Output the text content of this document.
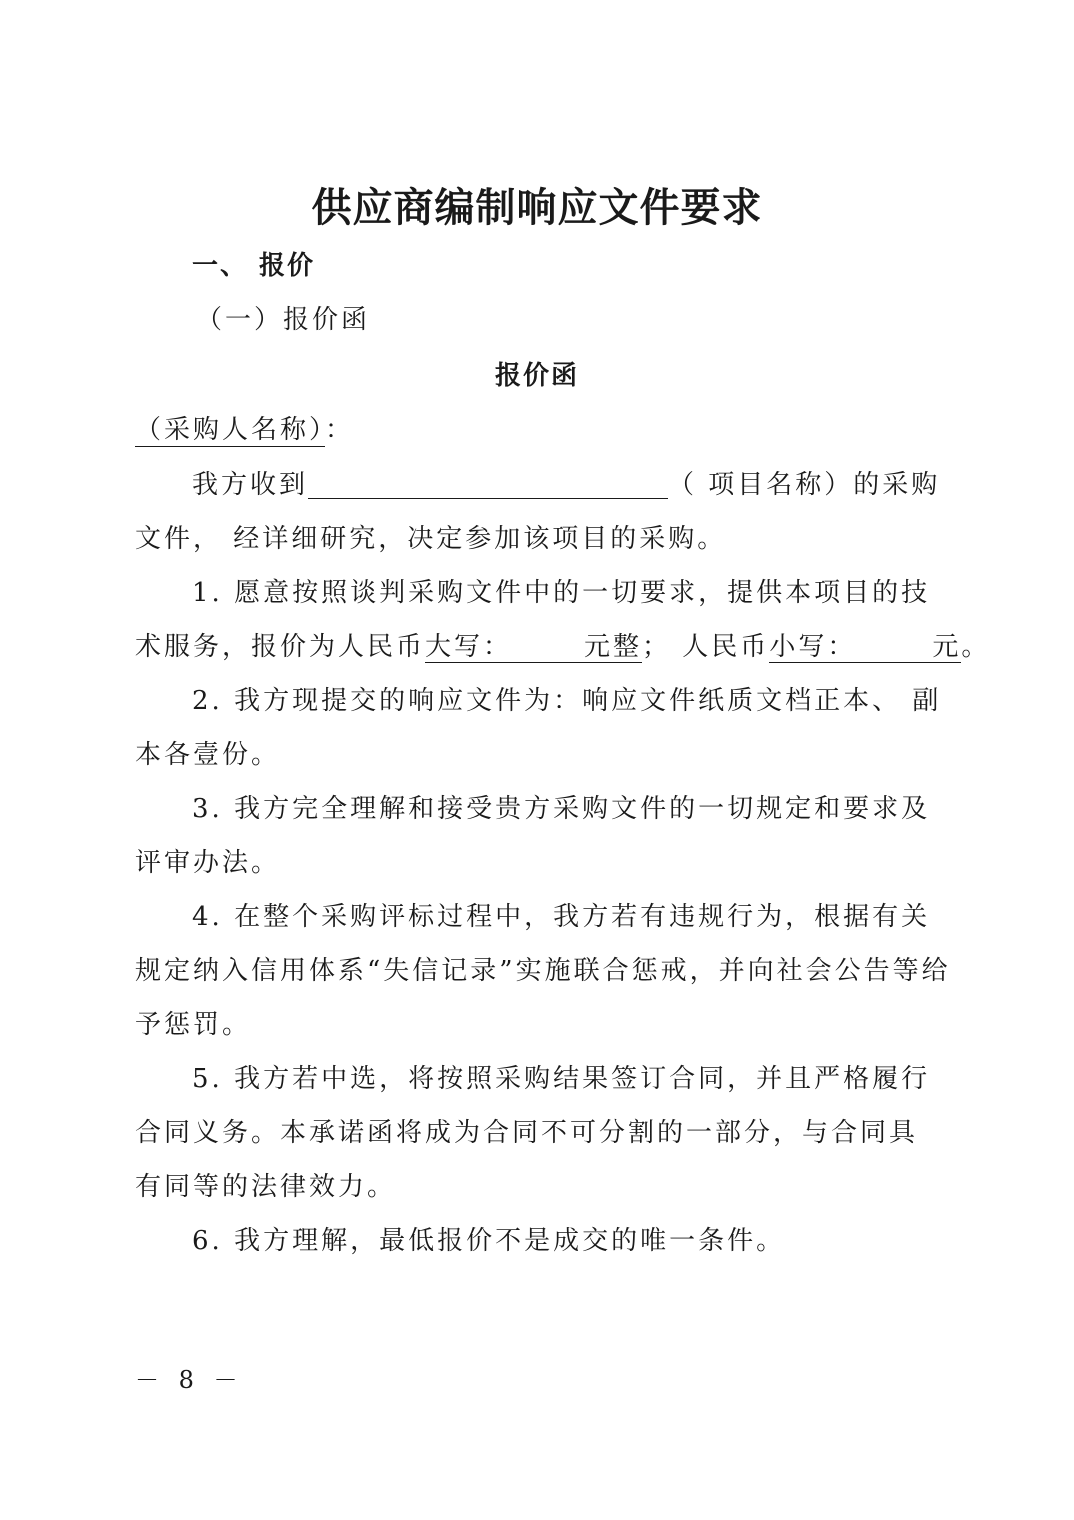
供应商编制响应文件要求
一、 报价
（一）报价函
报价函
（采购人名称）：
我方收到	（ 项目名称）的采购
文件， 经详细研究，决定参加该项目的采购。
1. 愿意按照谈判采购文件中的一切要求，提供本项目的技
术服务，报价为人民币大写：	元整； 人民币小写：	元。
2. 我方现提交的响应文件为：响应文件纸质文档正本、 副
本各壹份。
3. 我方完全理解和接受贵方采购文件的一切规定和要求及
评审办法。
4. 在整个采购评标过程中，我方若有违规行为，根据有关
规定纳入信用体系“失信记录”实施联合惩戒，并向社会公告等给
予惩罚。
5. 我方若中选，将按照采购结果签订合同，并且严格履行
合同义务。本承诺函将成为合同不可分割的一部分，与合同具
有同等的法律效力。
6. 我方理解，最低报价不是成交的唯一条件。
－ 8 －
